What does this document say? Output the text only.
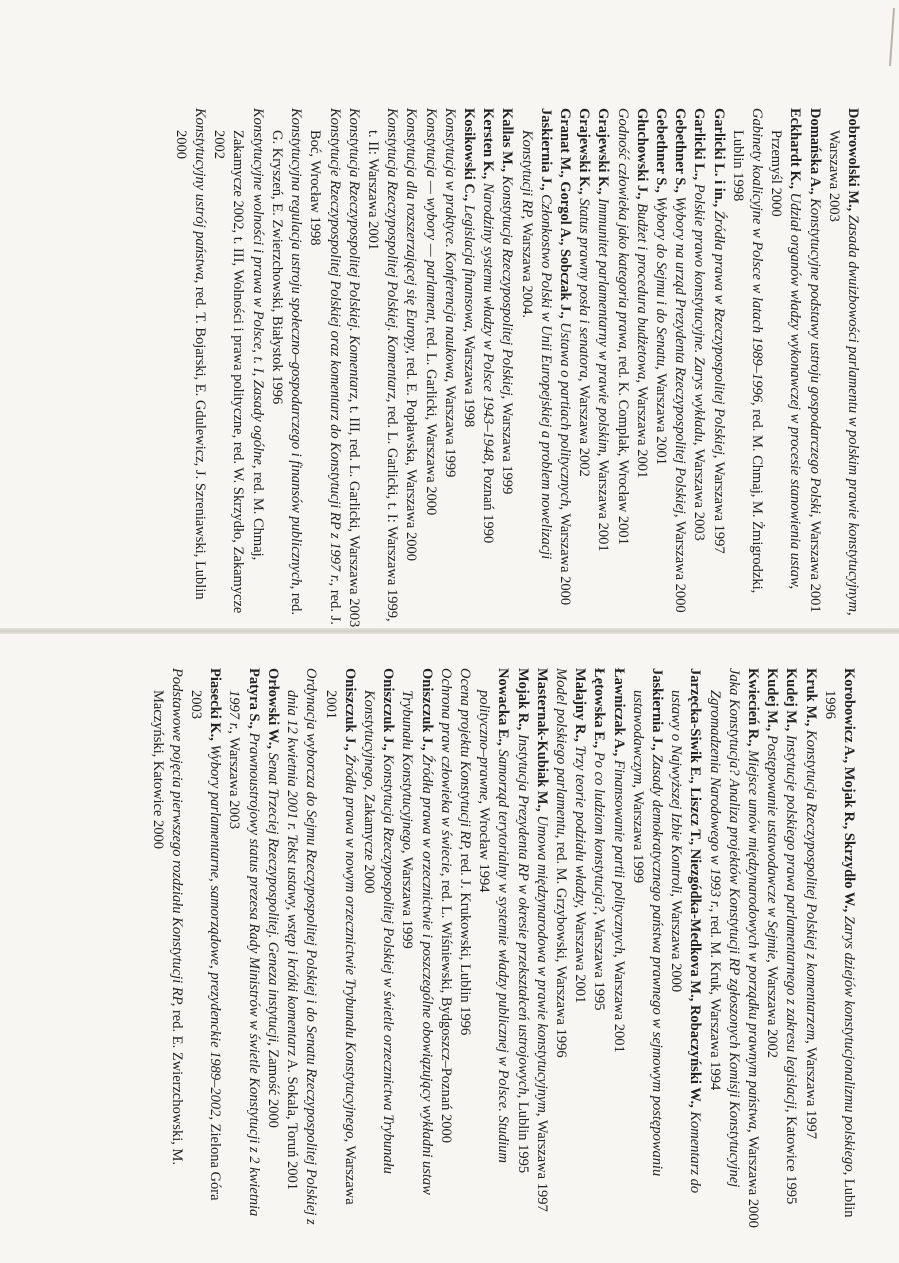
Dobrowolski M., Zasada dwuizbowości parlamentu w polskim prawie konstytucyjnym, Warszawa 2003

Domańska A., Konstytucyjne podstawy ustroju gospodarczego Polski, Warszawa 2001

Eckhardt K., Udział organów władzy wykonawczej w procesie stanowienia ustaw, Przemyśl 2000

Gabinety koalicyjne w Polsce w latach 1989–1996, red. M. Chmaj, M. Żmigrodzki, Lublin 1998

Garlicki L. i in., Źródła prawa w Rzeczypospolitej Polskiej, Warszawa 1997

Garlicki L., Polskie prawo konstytucyjne. Zarys wykładu, Warszawa 2003

Gebethner S., Wybory na urząd Prezydenta Rzeczypospolitej Polskiej, Warszawa 2000

Gebethner S., Wybory do Sejmu i do Senatu, Warszawa 2001

Głuchowski J., Budżet i procedura budżetowa, Warszawa 2001

Godność człowieka jako kategoria prawa, red. K. Complak, Wrocław 2001

Grajewski K., Immunitet parlamentarny w prawie polskim, Warszawa 2001

Grajewski K., Status prawny posła i senatora, Warszawa 2002

Granat M., Gorgol A., Sobczak J., Ustawa o partiach politycznych, Warszawa 2000

Jaskiernia J., Członkostwo Polski w Unii Europejskiej a problem nowelizacji Konstytucji RP, Warszawa 2004.

Kallas M., Konstytucja Rzeczypospolitej Polskiej, Warszawa 1999

Kersten K., Narodziny systemu władzy w Polsce 1943–1948, Poznań 1990

Kosikowski C., Legislacja finansowa, Warszawa 1998

Konstytucja w praktyce. Konferencja naukowa, Warszawa 1999

Konstytucja — wybory — parlament, red. L. Garlicki, Warszawa 2000

Konstytucja dla rozszerzającej się Europy, red. E. Popławska, Warszawa 2000

Konstytucja Rzeczypospolitej Polskiej. Komentarz, red. L. Garlicki, t. I: Warszawa 1999, t. II: Warszawa 2001

Konstytucja Rzeczypospolitej Polskiej. Komentarz, t. III, red. L. Garlicki, Warszawa 2003

Konstytucje Rzeczypospolitej Polskiej oraz komentarz do Konstytucji RP z 1997 r., red. J. Boć, Wrocław 1998

Konstytucyjna regulacja ustroju społeczno–gospodarczego i finansów publicznych, red. G. Kryszeń, E. Zwierzchowski, Białystok 1996

Konstytucyjne wolności i prawa w Polsce, t. I, Zasady ogólne, red. M. Chmaj, Zakamycze 2002, t. III, Wolności i prawa polityczne, red. W. Skrzydło, Zakamycze 2002

Konstytucyjny ustrój państwa, red. T. Bojarski, E. Gdulewicz, J. Szreniawski, Lublin 2000

Korobowicz A., Mojak R., Skrzydło W., Zarys dziejów konstytucjonalizmu polskiego, Lublin 1996

Kruk M., Konstytucja Rzeczypospolitej Polskiej z komentarzem, Warszawa 1997

Kudej M., Instytucje polskiego prawa parlamentarnego z zakresu legislacji, Katowice 1995

Kudej M., Postępowanie ustawodawcze w Sejmie, Warszawa 2002

Kwiecień R., Miejsce umów międzynarodowych w porządku prawnym państwa, Warszawa 2000

Jaka Konstytucja? Analiza projektów Konstytucji RP zgłoszonych Komisji Konstytucyjnej Zgromadzenia Narodowego w 1993 r., red. M. Kruk, Warszawa 1994

Jarzęcka-Siwik E., Liszcz T., Niezgódka-Medkova M., Robaczyński W., Komentarz do ustawy o Najwyższej Izbie Kontroli, Warszawa 2000

Jaskiernia J., Zasady demokratycznego państwa prawnego w sejmowym postępowaniu ustawodawczym, Warszawa 1999

Ławniczak A., Finansowanie partii politycznych, Warszawa 2001

Łętowska E., Po co ludziom konstytucja?, Warszawa 1995

Małajny R., Trzy teorie podziału władzy, Warszawa 2001

Model polskiego parlamentu, red. M. Grzybowski, Warszawa 1996

Masternak-Kubiak M., Umowa międzynarodowa w prawie konstytucyjnym, Warszawa 1997

Mojak R., Instytucja Prezydenta RP w okresie przekształceń ustrojowych, Lublin 1995

Nowacka E., Samorząd terytorialny w systemie władzy publicznej w Polsce. Studium polityczno–prawne, Wrocław 1994

Ocena projektu Konstytucji RP, red. J. Krukowski, Lublin 1996

Ochrona praw człowieka w świecie, red. L. Wiśniewski, Bydgoszcz–Poznań 2000

Oniszczuk J., Źródła prawa w orzecznictwie i poszczególne obowiązujący wykładni ustaw Trybunału Konstytucyjnego, Warszawa 1999

Oniszczuk J., Konstytucja Rzeczypospolitej Polskiej w świetle orzecznictwa Trybunału Konstytucyjnego, Zakamycze 2000

Oniszczuk J., Źródła prawa w nowym orzecznictwie Trybunału Konstytucyjnego, Warszawa 2001

Ordynacja wyborcza do Sejmu Rzeczypospolitej Polskiej i do Senatu Rzeczypospolitej Polskiej z dnia 12 kwietnia 2001 r. Tekst ustawy, wstęp i krótki komentarz A. Sokala, Toruń 2001

Orłowski W., Senat Trzeciej Rzeczypospolitej. Geneza instytucji, Zamość 2000

Patyra S., Prawnoustrojowy status prezesa Rady Ministrów w świetle Konstytucji z 2 kwietnia 1997 r., Warszawa 2003

Piasecki K., Wybory parlamentarne, samorządowe, prezydenckie 1989–2002, Zielona Góra 2003

Podstawowe pojęcia pierwszego rozdziału Konstytucji RP, red. E. Zwierzchowski, M. Maczyński, Katowice 2000
